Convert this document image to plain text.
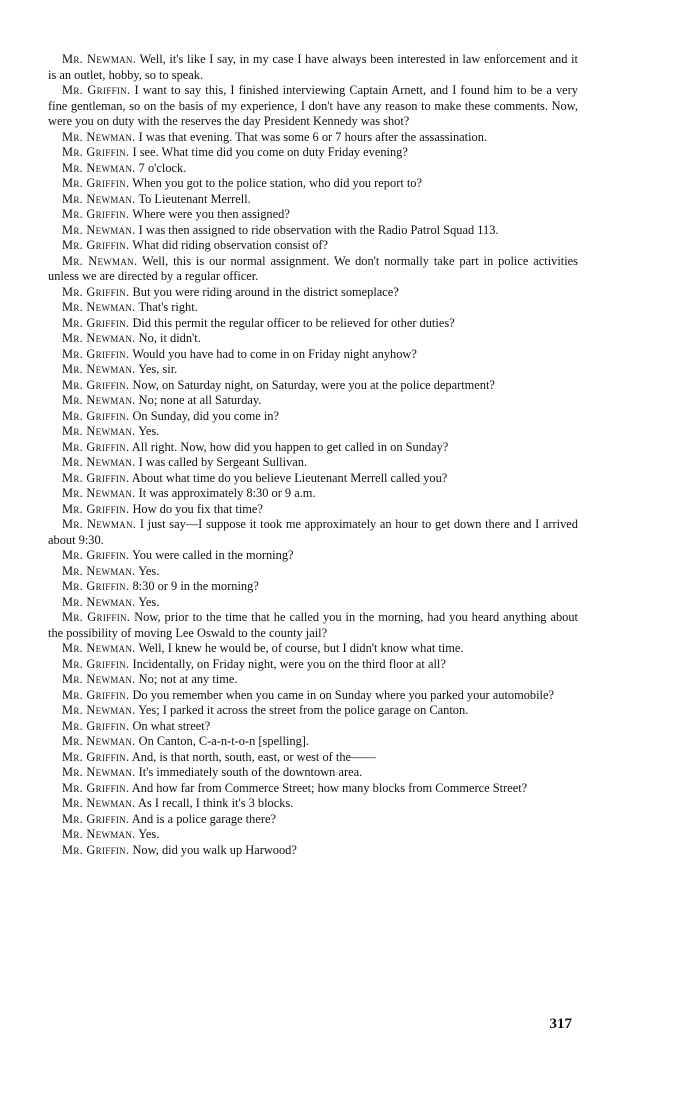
Mr. Newman. Well, it's like I say, in my case I have always been interested in law enforcement and it is an outlet, hobby, so to speak.

Mr. Griffin. I want to say this, I finished interviewing Captain Arnett, and I found him to be a very fine gentleman, so on the basis of my experience, I don't have any reason to make these comments. Now, were you on duty with the reserves the day President Kennedy was shot?

Mr. Newman. I was that evening. That was some 6 or 7 hours after the assassination.

Mr. Griffin. I see. What time did you come on duty Friday evening?

Mr. Newman. 7 o'clock.

Mr. Griffin. When you got to the police station, who did you report to?

Mr. Newman. To Lieutenant Merrell.

Mr. Griffin. Where were you then assigned?

Mr. Newman. I was then assigned to ride observation with the Radio Patrol Squad 113.

Mr. Griffin. What did riding observation consist of?

Mr. Newman. Well, this is our normal assignment. We don't normally take part in police activities unless we are directed by a regular officer.

Mr. Griffin. But you were riding around in the district someplace?

Mr. Newman. That's right.

Mr. Griffin. Did this permit the regular officer to be relieved for other duties?

Mr. Newman. No, it didn't.

Mr. Griffin. Would you have had to come in on Friday night anyhow?

Mr. Newman. Yes, sir.

Mr. Griffin. Now, on Saturday night, on Saturday, were you at the police department?

Mr. Newman. No; none at all Saturday.

Mr. Griffin. On Sunday, did you come in?

Mr. Newman. Yes.

Mr. Griffin. All right. Now, how did you happen to get called in on Sunday?

Mr. Newman. I was called by Sergeant Sullivan.

Mr. Griffin. About what time do you believe Lieutenant Merrell called you?

Mr. Newman. It was approximately 8:30 or 9 a.m.

Mr. Griffin. How do you fix that time?

Mr. Newman. I just say—I suppose it took me approximately an hour to get down there and I arrived about 9:30.

Mr. Griffin. You were called in the morning?

Mr. Newman. Yes.

Mr. Griffin. 8:30 or 9 in the morning?

Mr. Newman. Yes.

Mr. Griffin. Now, prior to the time that he called you in the morning, had you heard anything about the possibility of moving Lee Oswald to the county jail?

Mr. Newman. Well, I knew he would be, of course, but I didn't know what time.

Mr. Griffin. Incidentally, on Friday night, were you on the third floor at all?

Mr. Newman. No; not at any time.

Mr. Griffin. Do you remember when you came in on Sunday where you parked your automobile?

Mr. Newman. Yes; I parked it across the street from the police garage on Canton.

Mr. Griffin. On what street?

Mr. Newman. On Canton, C-a-n-t-o-n [spelling].

Mr. Griffin. And, is that north, south, east, or west of the——

Mr. Newman. It's immediately south of the downtown area.

Mr. Griffin. And how far from Commerce Street; how many blocks from Commerce Street?

Mr. Newman. As I recall, I think it's 3 blocks.

Mr. Griffin. And is a police garage there?

Mr. Newman. Yes.

Mr. Griffin. Now, did you walk up Harwood?

317
